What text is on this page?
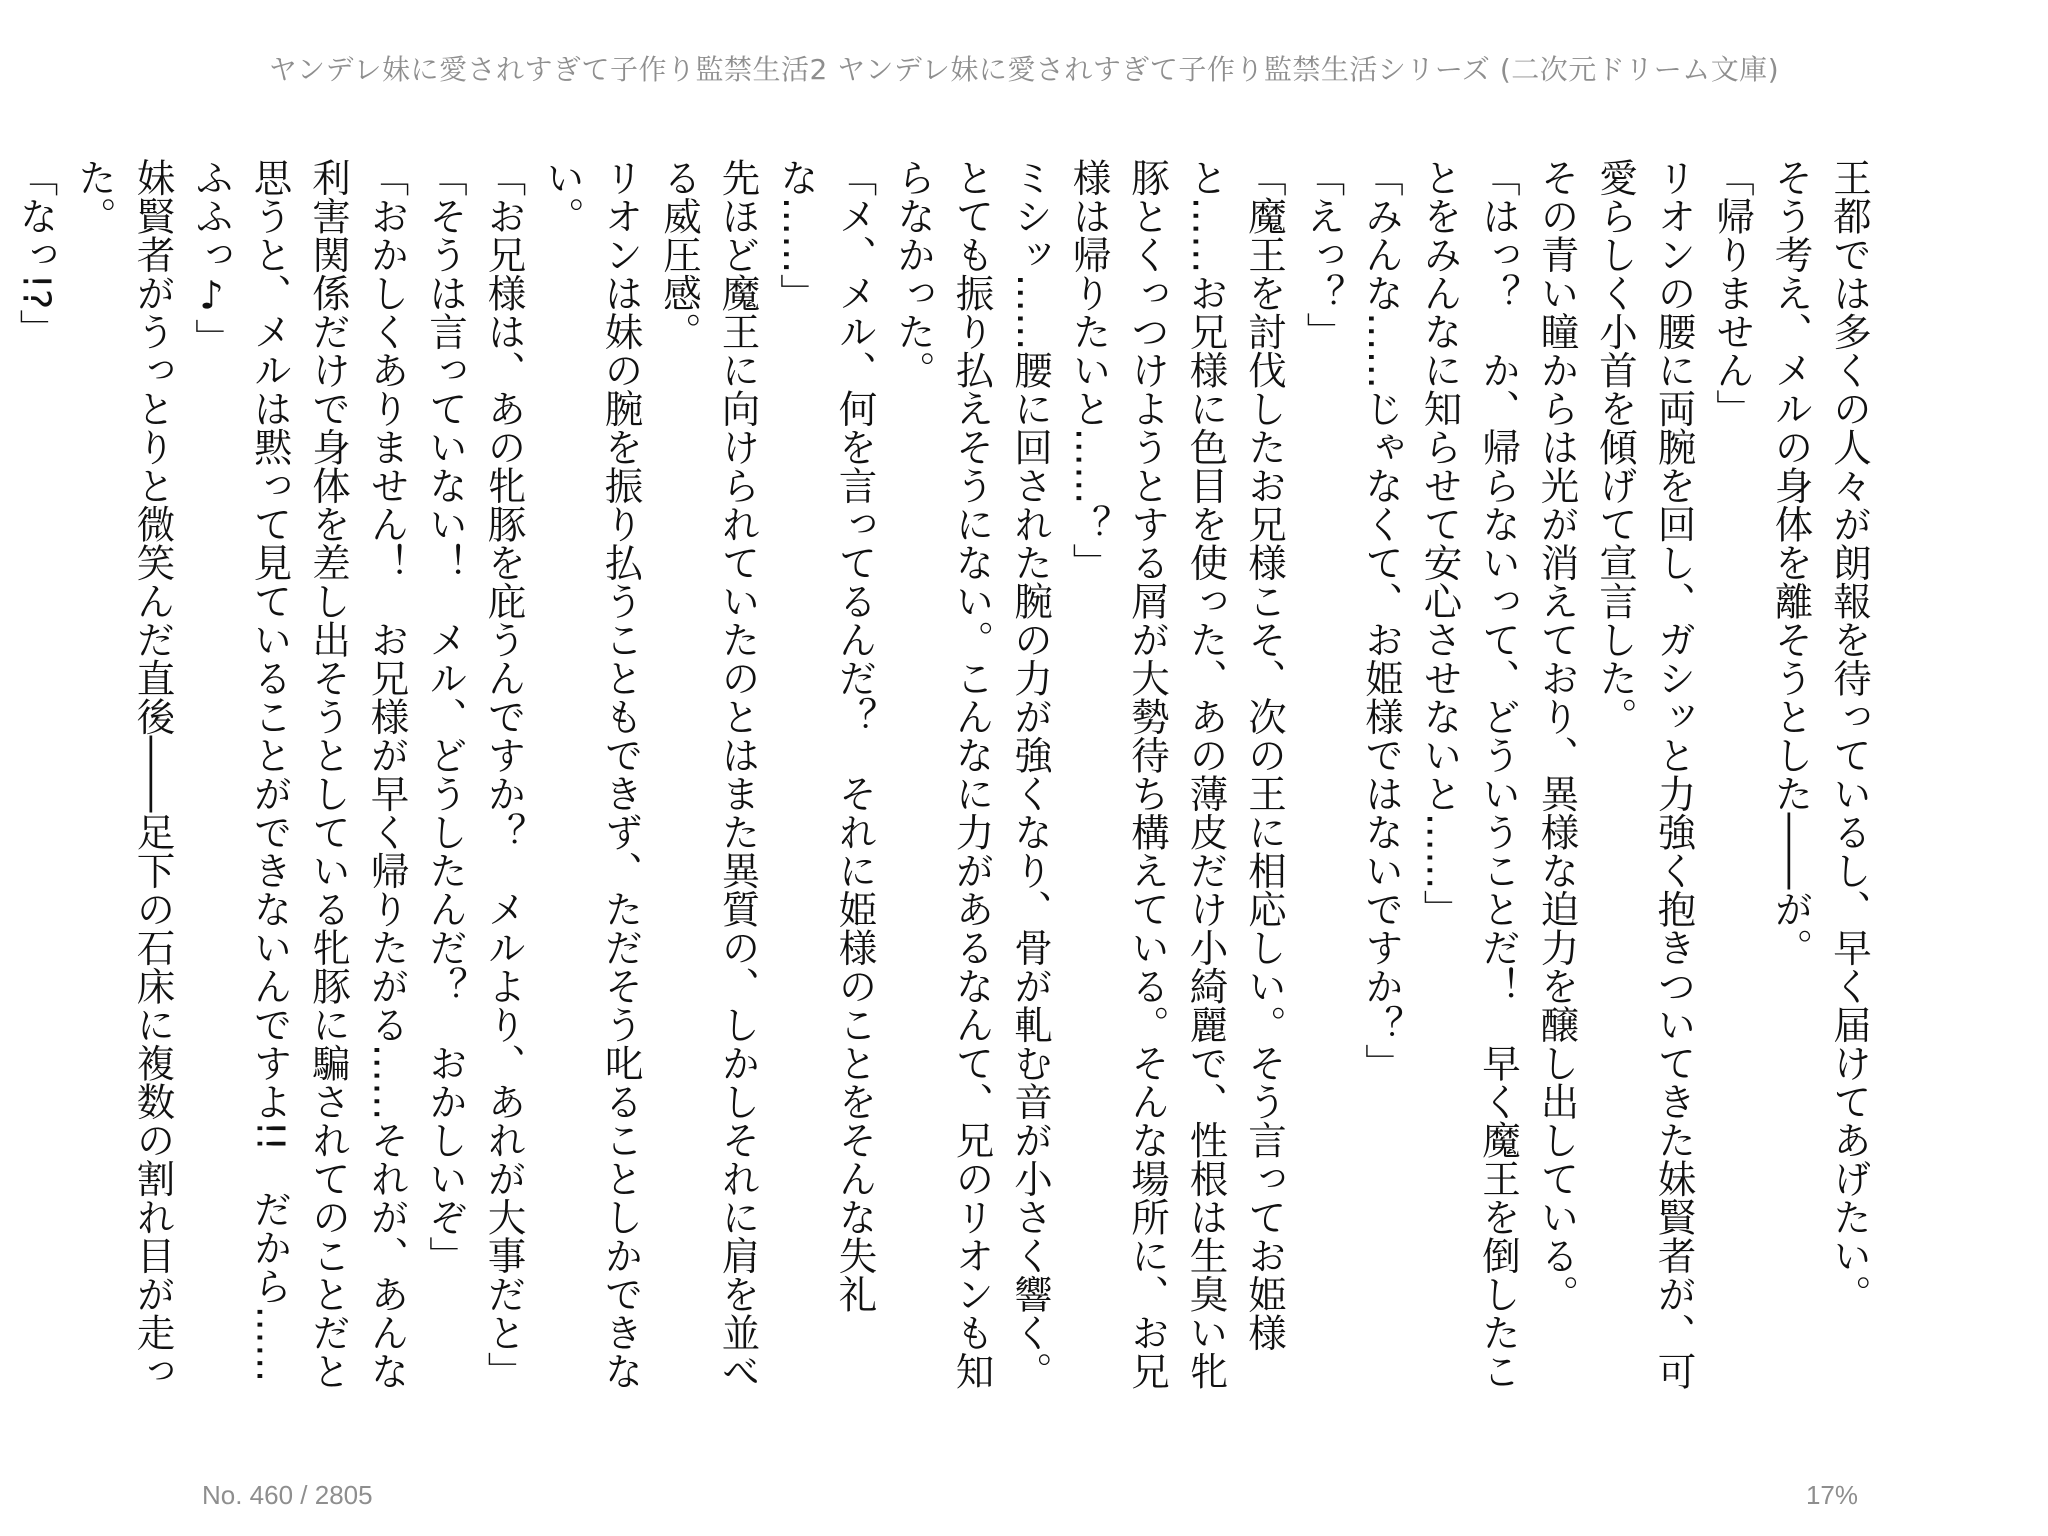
ヤンデレ妹に愛されすぎて子作り監禁生活2 ヤンデレ妹に愛されすぎて子作り監禁生活シリーズ (二次元ドリーム文庫)

王都では多くの人々が朗報を待っているし、早く届けてあげたい。

そう考え、メルの身体を離そうとした――が。

「帰りません」

リオンの腰に両腕を回し、ガシッと力強く抱きついてきた妹賢者が、可愛らしく小首を傾げて宣言した。

その青い瞳からは光が消えており、異様な迫力を醸し出している。

「はっ？　か、帰らないって、どういうことだ！　早く魔王を倒したことをみんなに知らせて安心させないと……」

「みんな……じゃなくて、お姫様ではないですか？」

「えっ？」

「魔王を討伐したお兄様こそ、次の王に相応しい。そう言ってお姫様と……お兄様に色目を使った、あの薄皮だけ小綺麗で、性根は生臭い牝豚とくっつけようとする屑が大勢待ち構えている。そんな場所に、お兄様は帰りたいと……？」

ミシッ……腰に回された腕の力が強くなり、骨が軋む音が小さく響く。

とても振り払えそうにない。こんなに力があるなんて、兄のリオンも知らなかった。

「メ、メル、何を言ってるんだ？　それに姫様のことをそんな失礼な……」

先ほど魔王に向けられていたのとはまた異質の、しかしそれに肩を並べる威圧感。

リオンは妹の腕を振り払うこともできず、ただそう叱ることしかできない。

「お兄様は、あの牝豚を庇うんですか？　メルより、あれが大事だと」

「そうは言っていない！　メル、どうしたんだ？　おかしいぞ」

「おかしくありません！　お兄様が早く帰りたがる……それが、あんな利害関係だけで身体を差し出そうとしている牝豚に騙されてのことだと思うと、メルは黙って見ていることができないんですよ!!　だから……ふふっ♪」

妹賢者がうっとりと微笑んだ直後――足下の石床に複数の割れ目が走った。

「なっ!?」

No. 460 / 2805	17%
